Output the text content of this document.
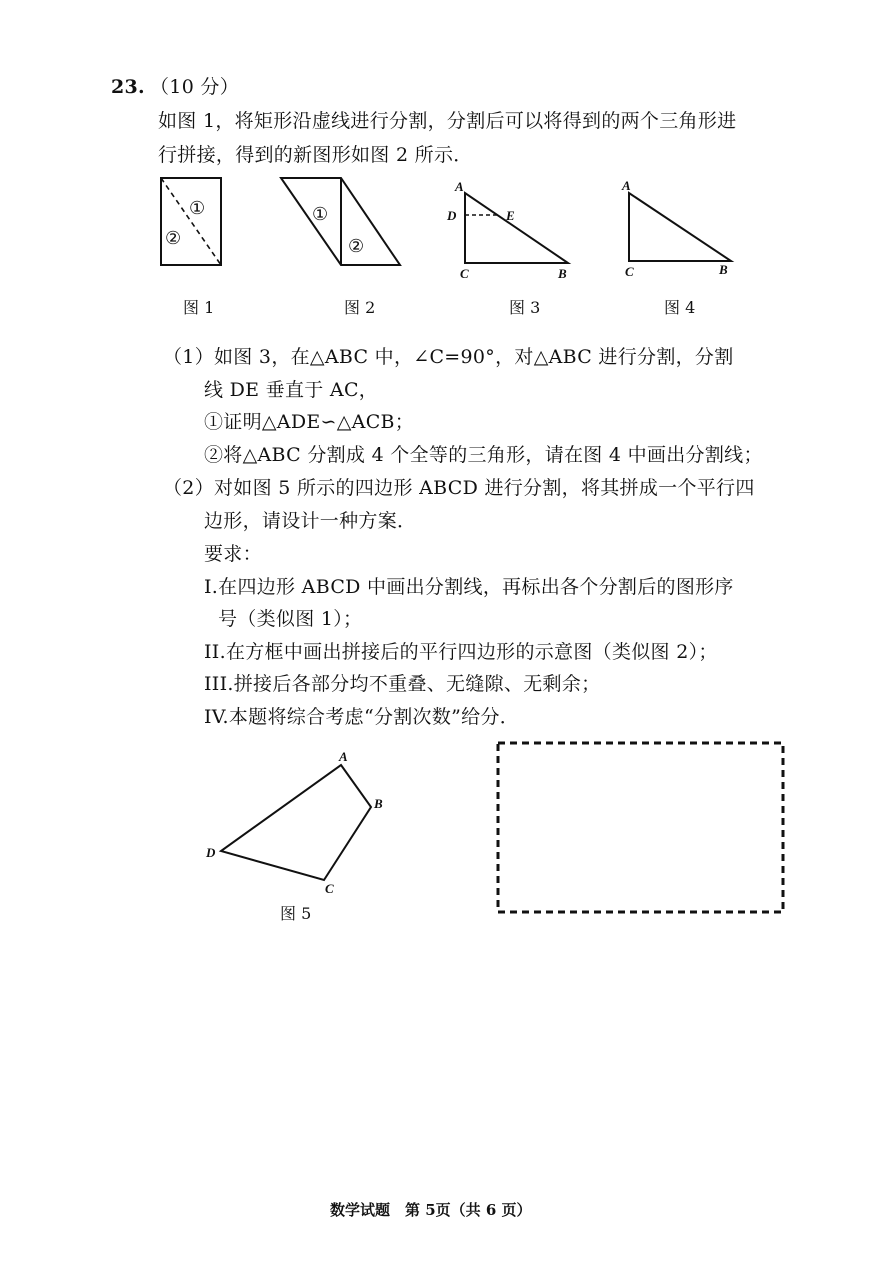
23. （10 分）
如图 1，将矩形沿虚线进行分割，分割后可以将得到的两个三角形进
行拼接，得到的新图形如图 2 所示．
①
②
①
②
A
D	E
C	B
A
C	B
A
B
C
D
图 1	图 2	图 3	图 4
图 5
（1）如图 3，在△ABC 中，∠C=90°，对△ABC 进行分割，分割
线 DE 垂直于 AC，
①证明△ADE∽△ACB；
②将△ABC 分割成 4 个全等的三角形，请在图 4 中画出分割线；
（2）对如图 5 所示的四边形 ABCD 进行分割，将其拼成一个平行四
边形，请设计一种方案．
要求：
I.在四边形 ABCD 中画出分割线，再标出各个分割后的图形序
号（类似图 1）；
II.在方框中画出拼接后的平行四边形的示意图（类似图 2）；
III.拼接后各部分均不重叠、无缝隙、无剩余；
IV.本题将综合考虑“分割次数”给分．
数学试题　第 5页（共 6 页）
